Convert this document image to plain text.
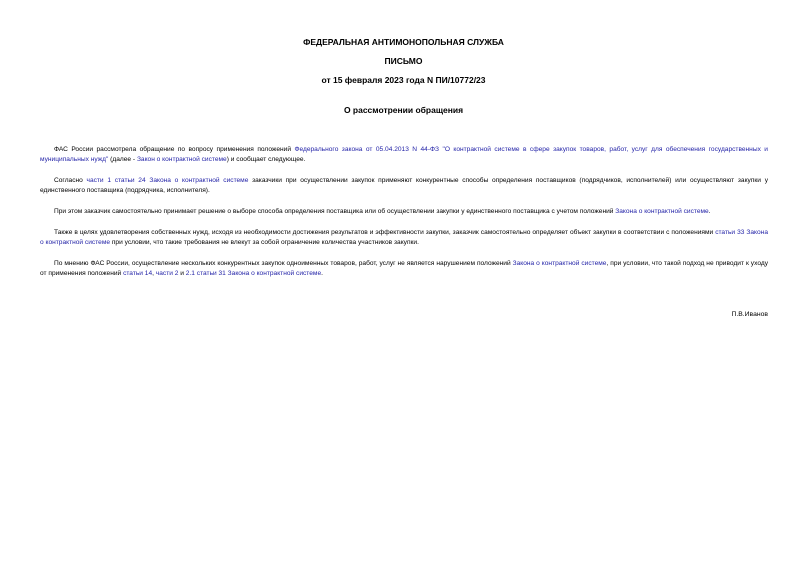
ФЕДЕРАЛЬНАЯ АНТИМОНОПОЛЬНАЯ СЛУЖБА
ПИСЬМО
от 15 февраля 2023 года N ПИ/10772/23
О рассмотрении обращения

ФАС России рассмотрела обращение по вопросу применения положений Федерального закона от 05.04.2013 N 44-ФЗ "О контрактной системе в сфере закупок товаров, работ, услуг для обеспечения государственных и муниципальных нужд" (далее - Закон о контрактной системе) и сообщает следующее.

Согласно части 1 статьи 24 Закона о контрактной системе заказчики при осуществлении закупок применяют конкурентные способы определения поставщиков (подрядчиков, исполнителей) или осуществляют закупки у единственного поставщика (подрядчика, исполнителя).

При этом заказчик самостоятельно принимает решение о выборе способа определения поставщика или об осуществлении закупки у единственного поставщика с учетом положений Закона о контрактной системе.

Также в целях удовлетворения собственных нужд, исходя из необходимости достижения результатов и эффективности закупки, заказчик самостоятельно определяет объект закупки в соответствии с положениями статьи 33 Закона о контрактной системе при условии, что такие требования не влекут за собой ограничение количества участников закупки.

По мнению ФАС России, осуществление нескольких конкурентных закупок одноименных товаров, работ, услуг не является нарушением положений Закона о контрактной системе, при условии, что такой подход не приводит к уходу от применения положений статьи 14, части 2 и 2.1 статьи 31 Закона о контрактной системе.

П.В.Иванов
